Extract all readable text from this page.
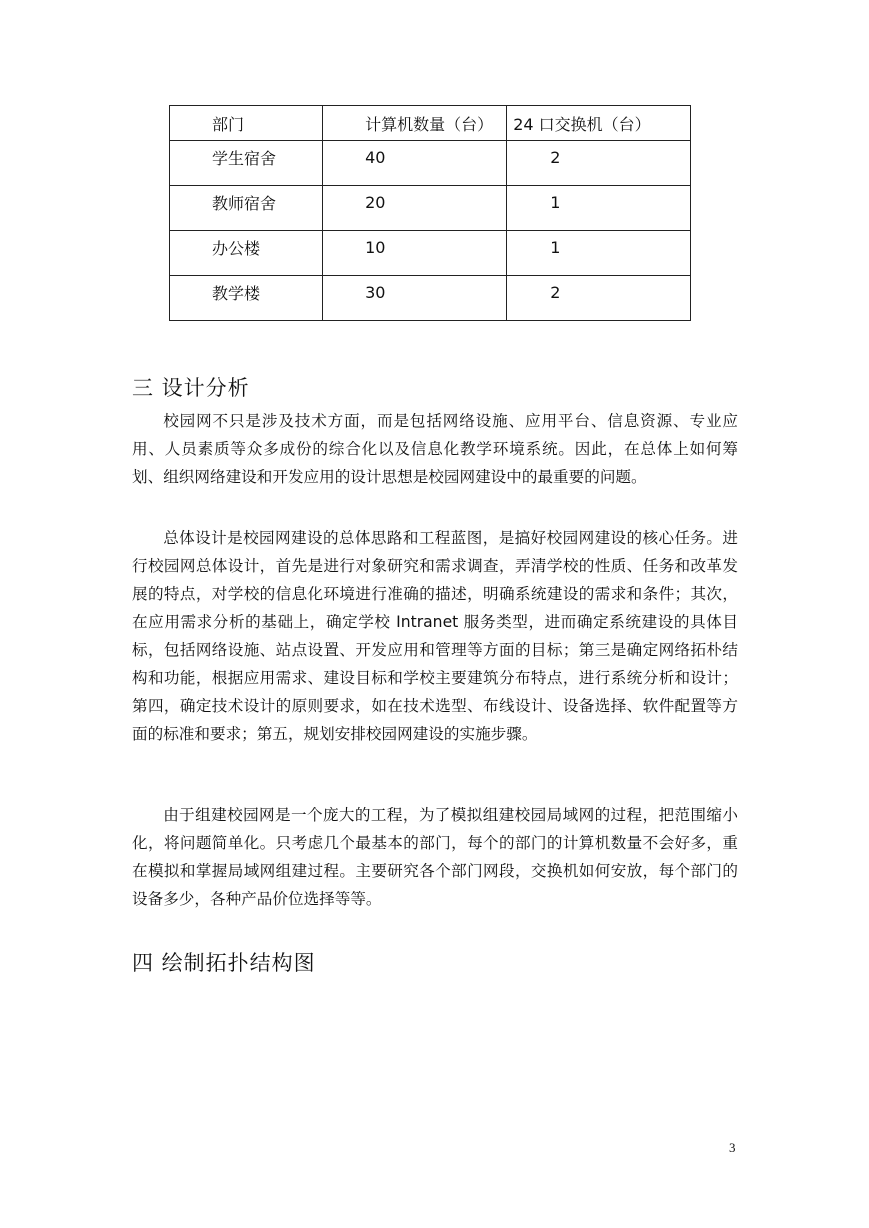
部门	计算机数量（台）	24 口交换机（台）

学生宿舍	40	2

教师宿舍	20	1

办公楼	10	1

教学楼	30	2
三 设计分析

校园网不只是涉及技术方面，而是包括网络设施、应用平台、信息资源、专业应用、人员素质等众多成份的综合化以及信息化教学环境系统。因此，在总体上如何筹划、组织网络建设和开发应用的设计思想是校园网建设中的最重要的问题。

总体设计是校园网建设的总体思路和工程蓝图，是搞好校园网建设的核心任务。进行校园网总体设计，首先是进行对象研究和需求调查，弄清学校的性质、任务和改革发展的特点，对学校的信息化环境进行准确的描述，明确系统建设的需求和条件；其次，在应用需求分析的基础上，确定学校 Intranet 服务类型，进而确定系统建设的具体目标，包括网络设施、站点设置、开发应用和管理等方面的目标；第三是确定网络拓朴结构和功能，根据应用需求、建设目标和学校主要建筑分布特点，进行系统分析和设计；第四，确定技术设计的原则要求，如在技术选型、布线设计、设备选择、软件配置等方面的标准和要求；第五，规划安排校园网建设的实施步骤。

由于组建校园网是一个庞大的工程，为了模拟组建校园局域网的过程，把范围缩小化，将问题简单化。只考虑几个最基本的部门，每个的部门的计算机数量不会好多，重在模拟和掌握局域网组建过程。主要研究各个部门网段，交换机如何安放，每个部门的设备多少，各种产品价位选择等等。

四 绘制拓扑结构图
3
